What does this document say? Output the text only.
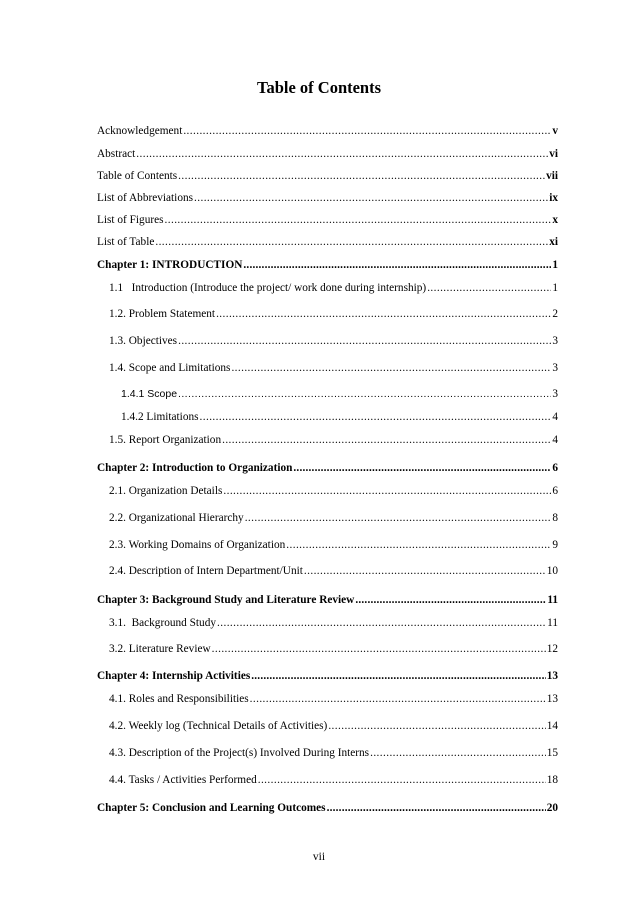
Table of Contents
Acknowledgement .....	v
Abstract .....	vi
Table of Contents .....	vii
List of Abbreviations .....	ix
List of Figures .....	x
List of Table .....	xi
Chapter 1: INTRODUCTION .....	1
1.1   Introduction (Introduce the project/ work done during internship) .....	1
1.2. Problem Statement .....	2
1.3. Objectives .....	3
1.4. Scope and Limitations .....	3
1.4.1 Scope .....	3
1.4.2 Limitations .....	4
1.5. Report Organization .....	4
Chapter 2: Introduction to Organization .....	6
2.1. Organization Details .....	6
2.2. Organizational Hierarchy .....	8
2.3. Working Domains of Organization .....	9
2.4. Description of Intern Department/Unit .....	10
Chapter 3: Background Study and Literature Review .....	11
3.1.  Background Study .....	11
3.2. Literature Review .....	12
Chapter 4: Internship Activities .....	13
4.1. Roles and Responsibilities .....	13
4.2. Weekly log (Technical Details of Activities) .....	14
4.3. Description of the Project(s) Involved During Interns .....	15
4.4. Tasks / Activities Performed .....	18
Chapter 5: Conclusion and Learning Outcomes .....	20
vii
